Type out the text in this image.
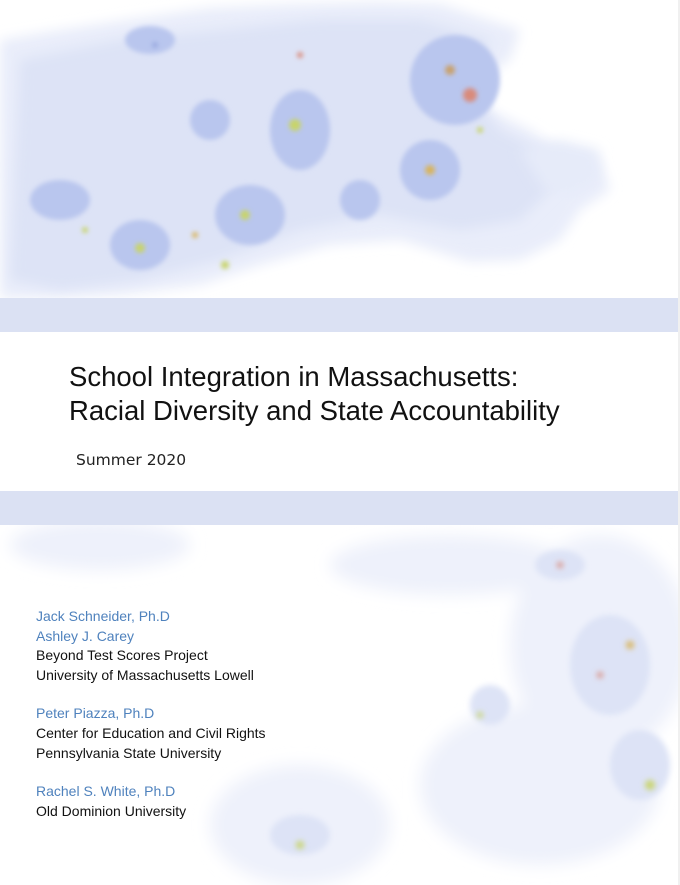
School Integration in Massachusetts:
Racial Diversity and State Accountability
Summer 2020
Jack Schneider, Ph.D
Ashley J. Carey
Beyond Test Scores Project
University of Massachusetts Lowell
Peter Piazza, Ph.D
Center for Education and Civil Rights
Pennsylvania State University
Rachel S. White, Ph.D
Old Dominion University
